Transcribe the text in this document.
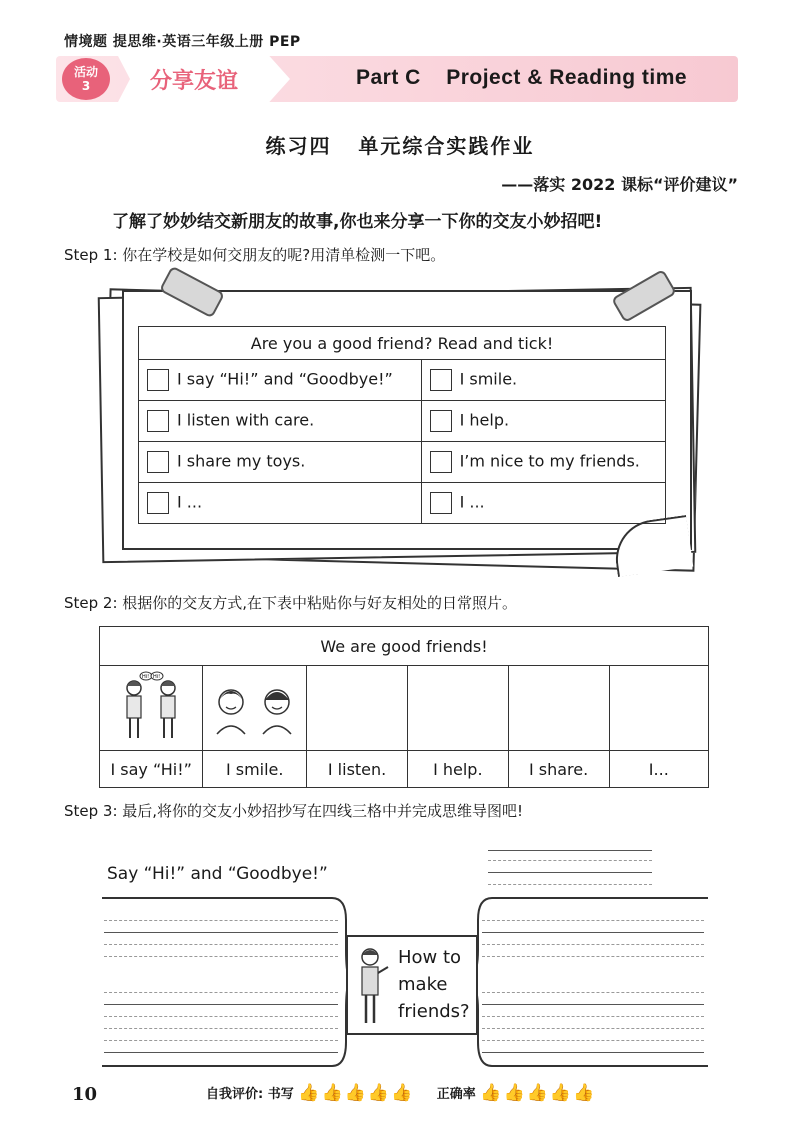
情境题 提思维·英语三年级上册 PEP
活动
3	分享友谊	Part C    Project & Reading time
练习四   单元综合实践作业
——落实 2022 课标“评价建议”
了解了妙妙结交新朋友的故事,你也来分享一下你的交友小妙招吧!
Step 1: 你在学校是如何交朋友的呢?用清单检测一下吧。
Are you a good friend? Read and tick!	
I say “Hi!” and “Goodbye!”	I smile.
I listen with care.	I help.
I share my toys.	I’m nice to my friends.
I ...	I ...
Step 2: 根据你的交友方式,在下表中粘贴你与好友相处的日常照片。
We are good friends!					

Hi! Hi!

I say “Hi!”	I smile.	I listen.	I help.	I share.	I...
Step 3: 最后,将你的交友小妙招抄写在四线三格中并完成思维导图吧!
Say “Hi!” and “Goodbye!”
How to
make
friends?
10	自我评价: 书写 👍👍👍👍👍 正确率 👍👍👍👍👍
